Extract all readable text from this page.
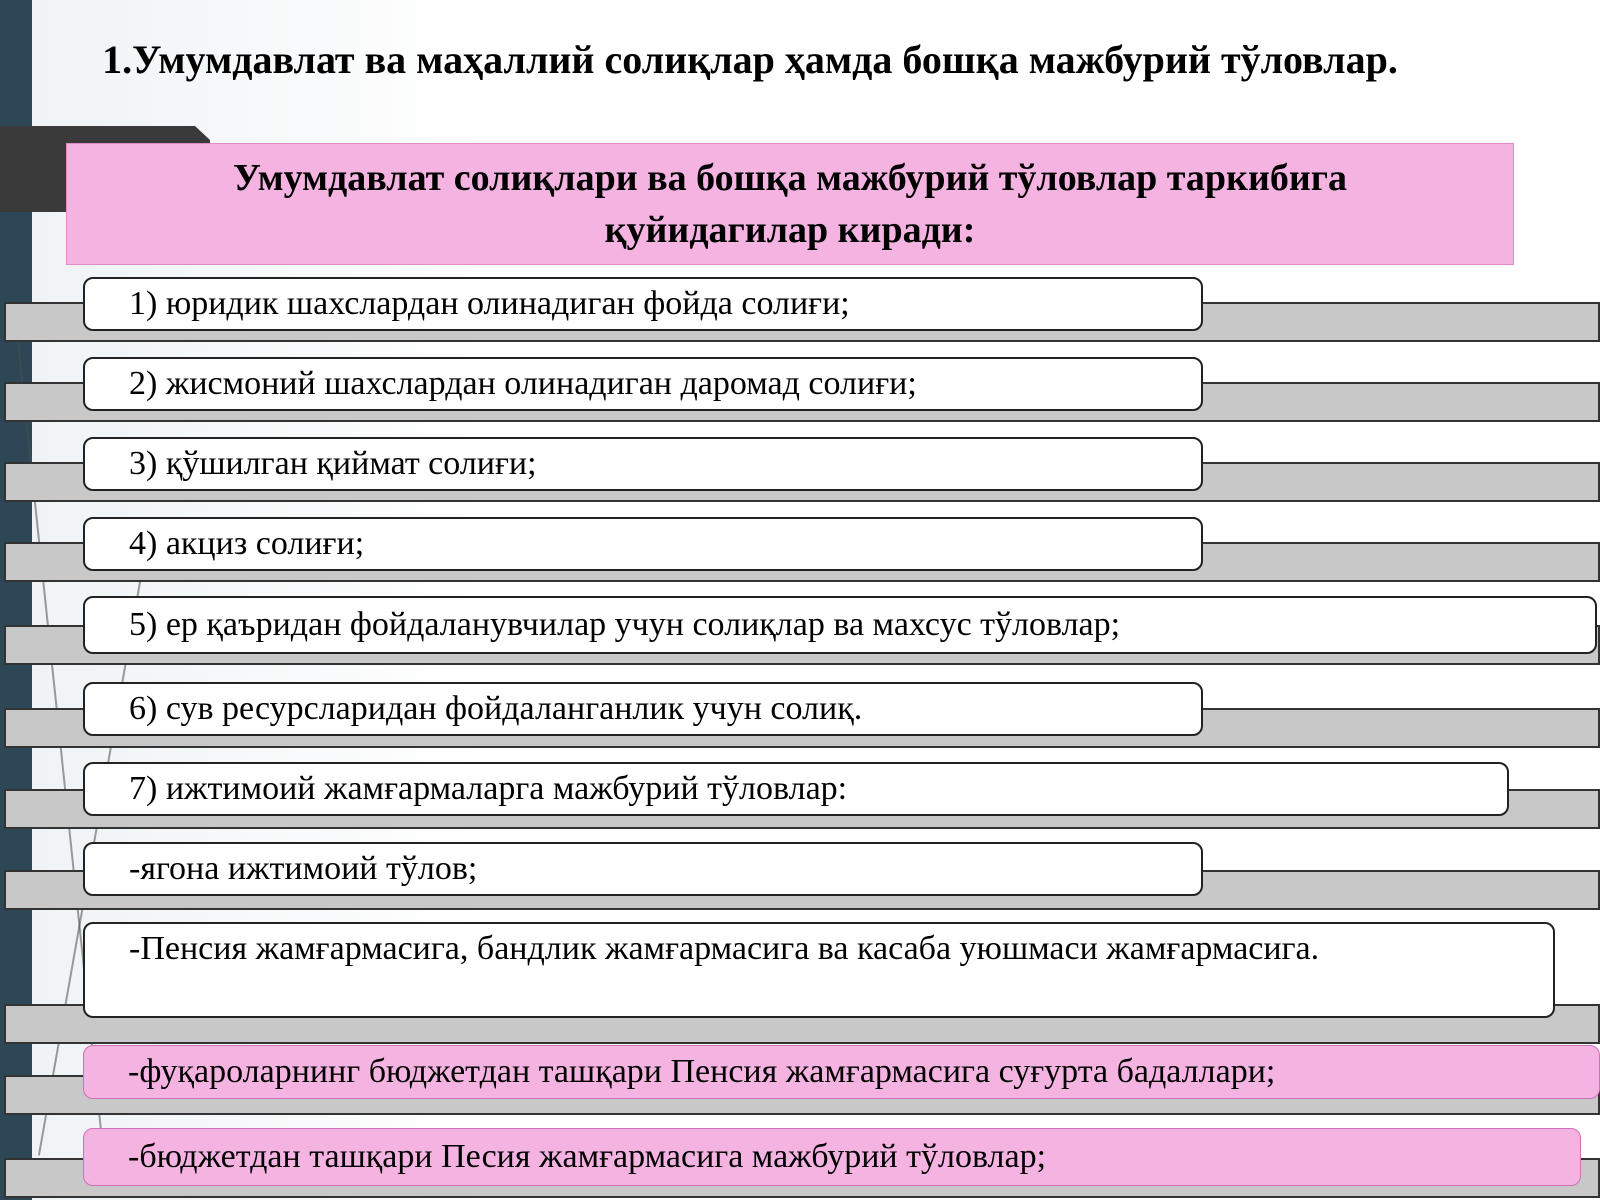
1.Умумдавлат ва маҳаллий солиқлар ҳамда бошқа мажбурий тўловлар.
Умумдавлат солиқлари ва бошқа мажбурий тўловлар таркибига қуйидагилар киради:
1) юридик шахслардан олинадиган фойда солиғи;
2) жисмоний шахслардан олинадиган даромад солиғи;
3) қўшилган қиймат солиғи;
4) акциз солиғи;
5) ер қаъридан фойдаланувчилар учун солиқлар ва махсус тўловлар;
6) сув ресурсларидан фойдаланганлик учун солиқ.
7) ижтимоий жамғармаларга мажбурий тўловлар:
-ягона ижтимоий тўлов;
-Пенсия жамғармасига, бандлик жамғармасига ва касаба уюшмаси жамғармасига.
-фуқароларнинг бюджетдан ташқари Пенсия жамғармасига суғурта бадаллари;
-бюджетдан ташқари Песия жамғармасига мажбурий тўловлар;
